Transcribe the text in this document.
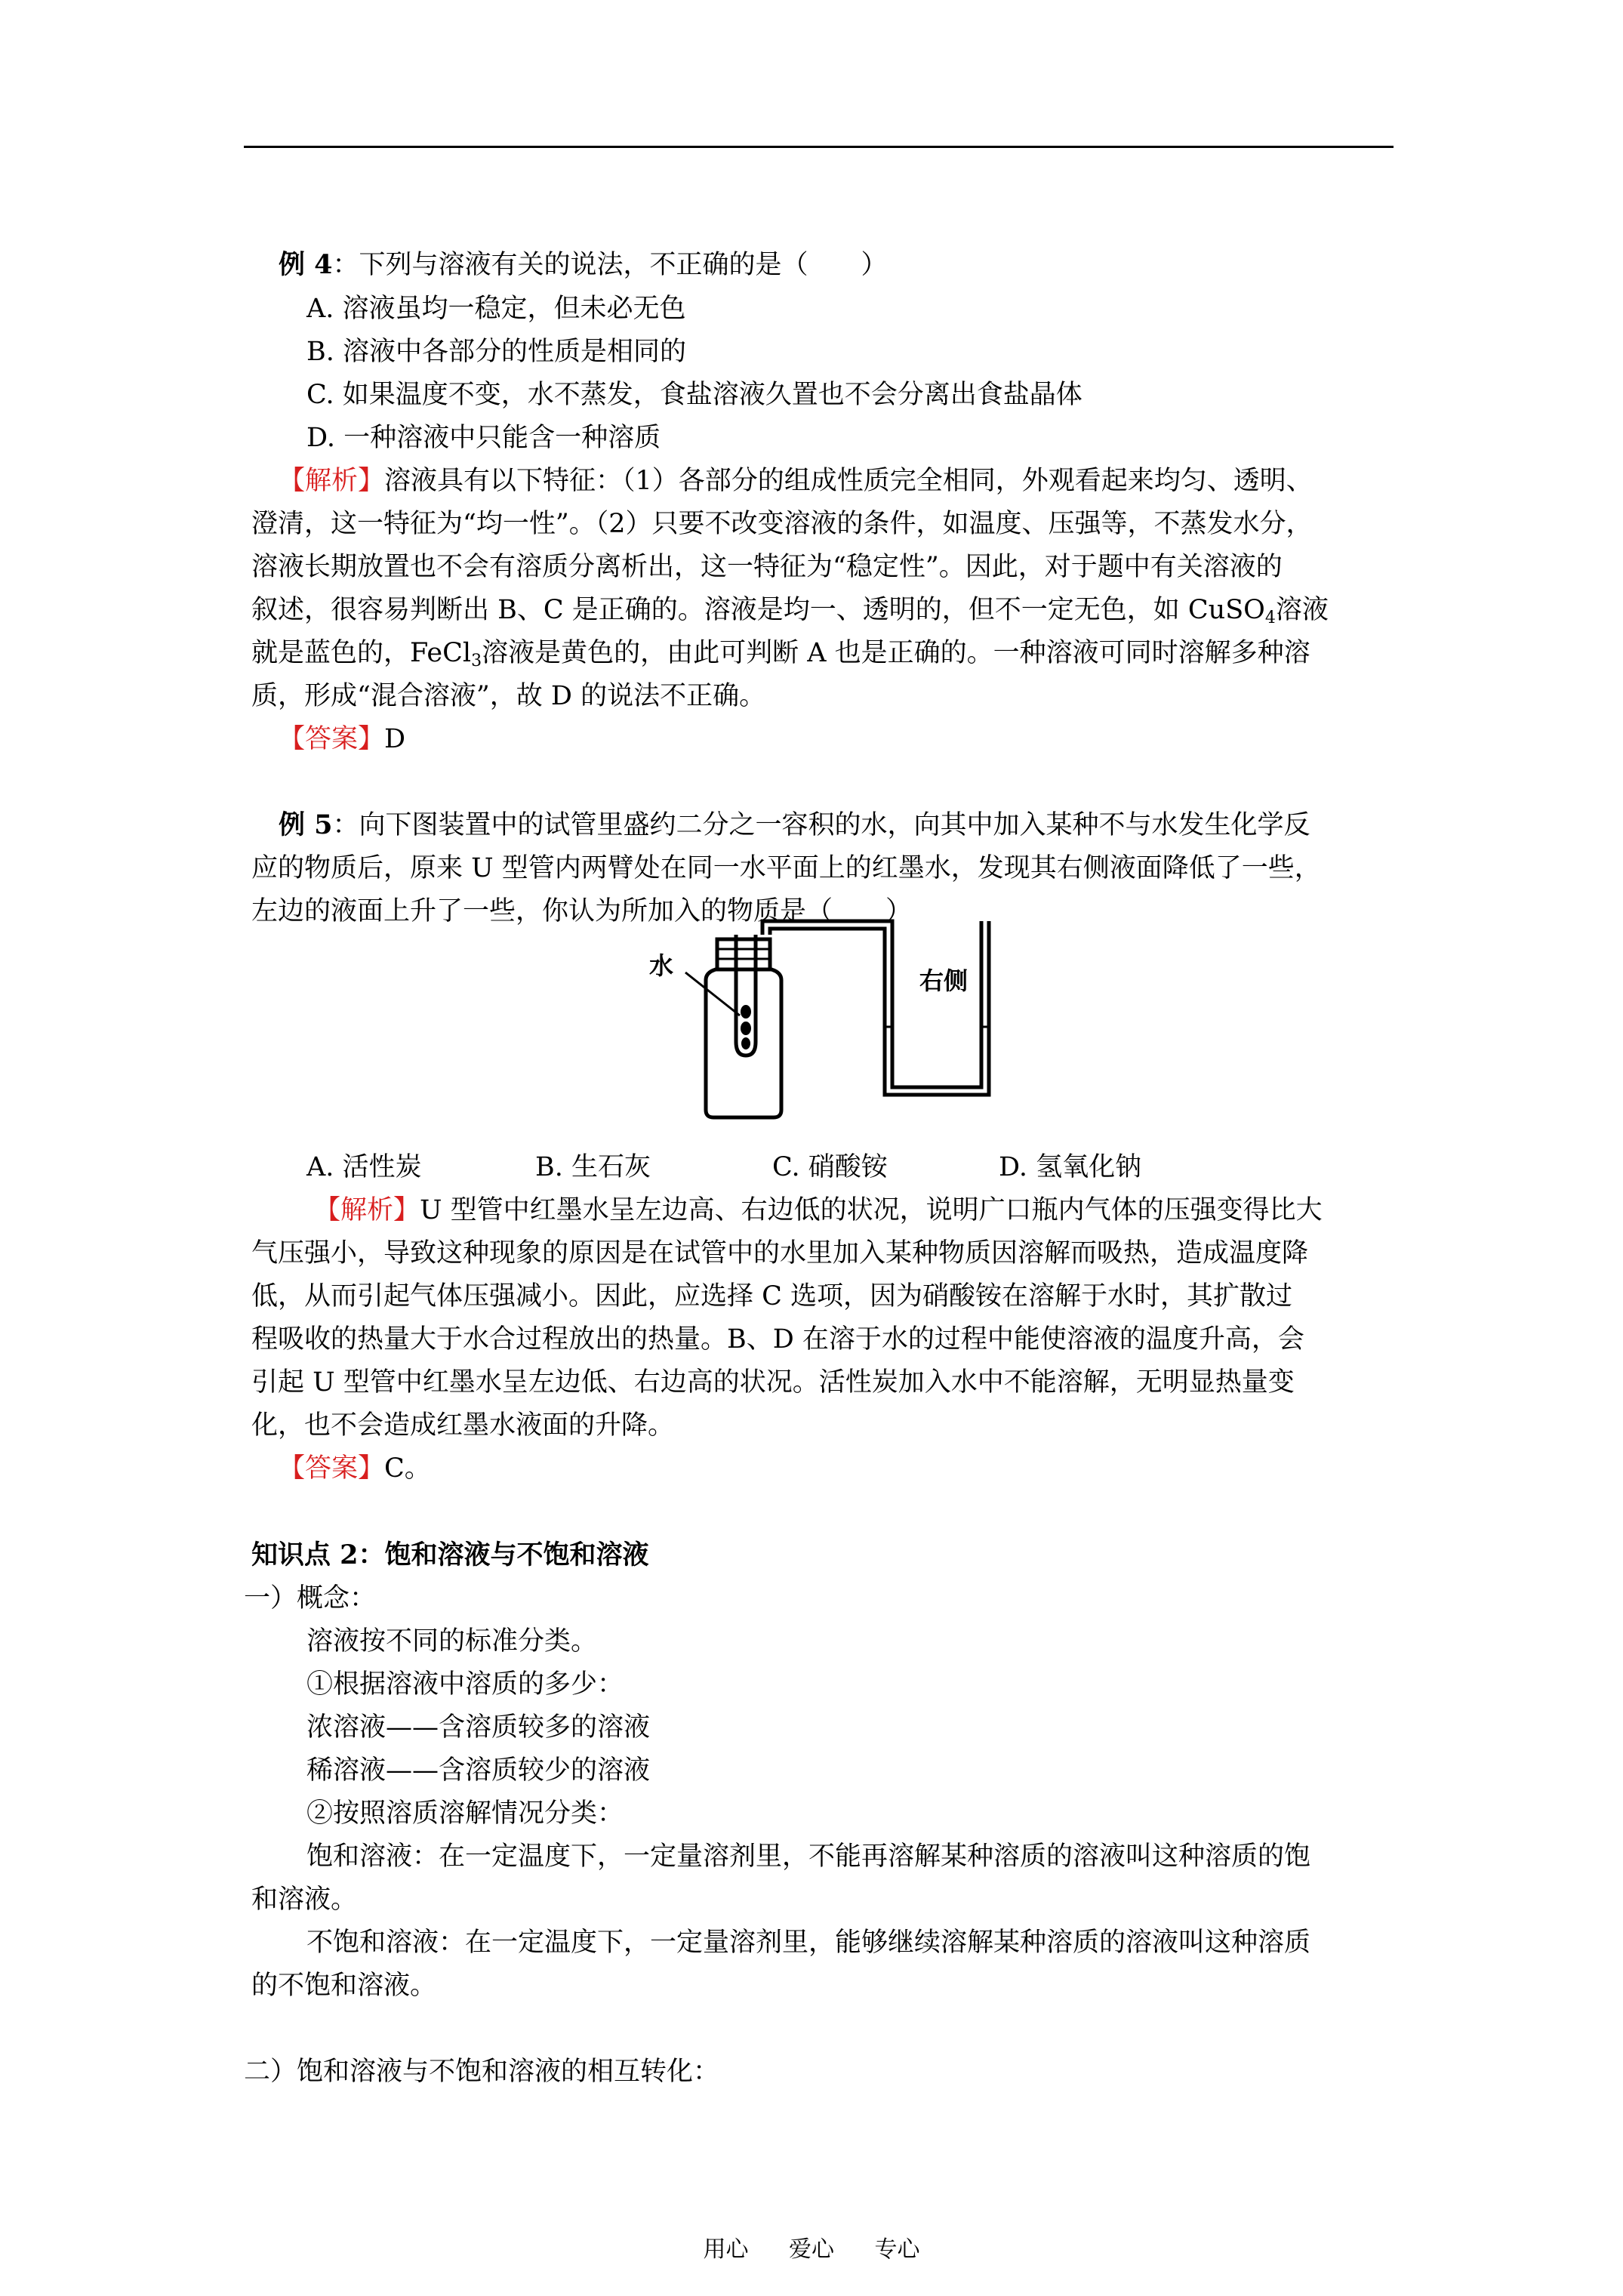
例 4：下列与溶液有关的说法，不正确的是（　　）
A. 溶液虽均一稳定，但未必无色
B. 溶液中各部分的性质是相同的
C. 如果温度不变，水不蒸发，食盐溶液久置也不会分离出食盐晶体
D. 一种溶液中只能含一种溶质
【解析】溶液具有以下特征：（1）各部分的组成性质完全相同，外观看起来均匀、透明、
澄清，这一特征为“均一性”。（2）只要不改变溶液的条件，如温度、压强等，不蒸发水分，
溶液长期放置也不会有溶质分离析出，这一特征为“稳定性”。因此，对于题中有关溶液的
叙述，很容易判断出 B、C 是正确的。溶液是均一、透明的，但不一定无色，如 CuSO$_4$溶液
就是蓝色的，FeCl$_3$溶液是黄色的，由此可判断 A 也是正确的。一种溶液可同时溶解多种溶
质，形成“混合溶液”，故 D 的说法不正确。
【答案】D
例 5：向下图装置中的试管里盛约二分之一容积的水，向其中加入某种不与水发生化学反
应的物质后，原来 U 型管内两臂处在同一水平面上的红墨水，发现其右侧液面降低了一些，
左边的液面上升了一些，你认为所加入的物质是（　　）
水
右侧
A. 活性炭	B. 生石灰	C. 硝酸铵	D. 氢氧化钠
【解析】U 型管中红墨水呈左边高、右边低的状况，说明广口瓶内气体的压强变得比大
气压强小，导致这种现象的原因是在试管中的水里加入某种物质因溶解而吸热，造成温度降
低，从而引起气体压强减小。因此，应选择 C 选项，因为硝酸铵在溶解于水时，其扩散过
程吸收的热量大于水合过程放出的热量。B、D 在溶于水的过程中能使溶液的温度升高，会
引起 U 型管中红墨水呈左边低、右边高的状况。活性炭加入水中不能溶解，无明显热量变
化，也不会造成红墨水液面的升降。
【答案】C。
知识点 2：饱和溶液与不饱和溶液
一）概念：
溶液按不同的标准分类。
①根据溶液中溶质的多少：
浓溶液——含溶质较多的溶液
稀溶液——含溶质较少的溶液
②按照溶质溶解情况分类：
饱和溶液：在一定温度下，一定量溶剂里，不能再溶解某种溶质的溶液叫这种溶质的饱
和溶液。
不饱和溶液：在一定温度下，一定量溶剂里，能够继续溶解某种溶质的溶液叫这种溶质
的不饱和溶液。
二）饱和溶液与不饱和溶液的相互转化：
用心 爱心 专心
